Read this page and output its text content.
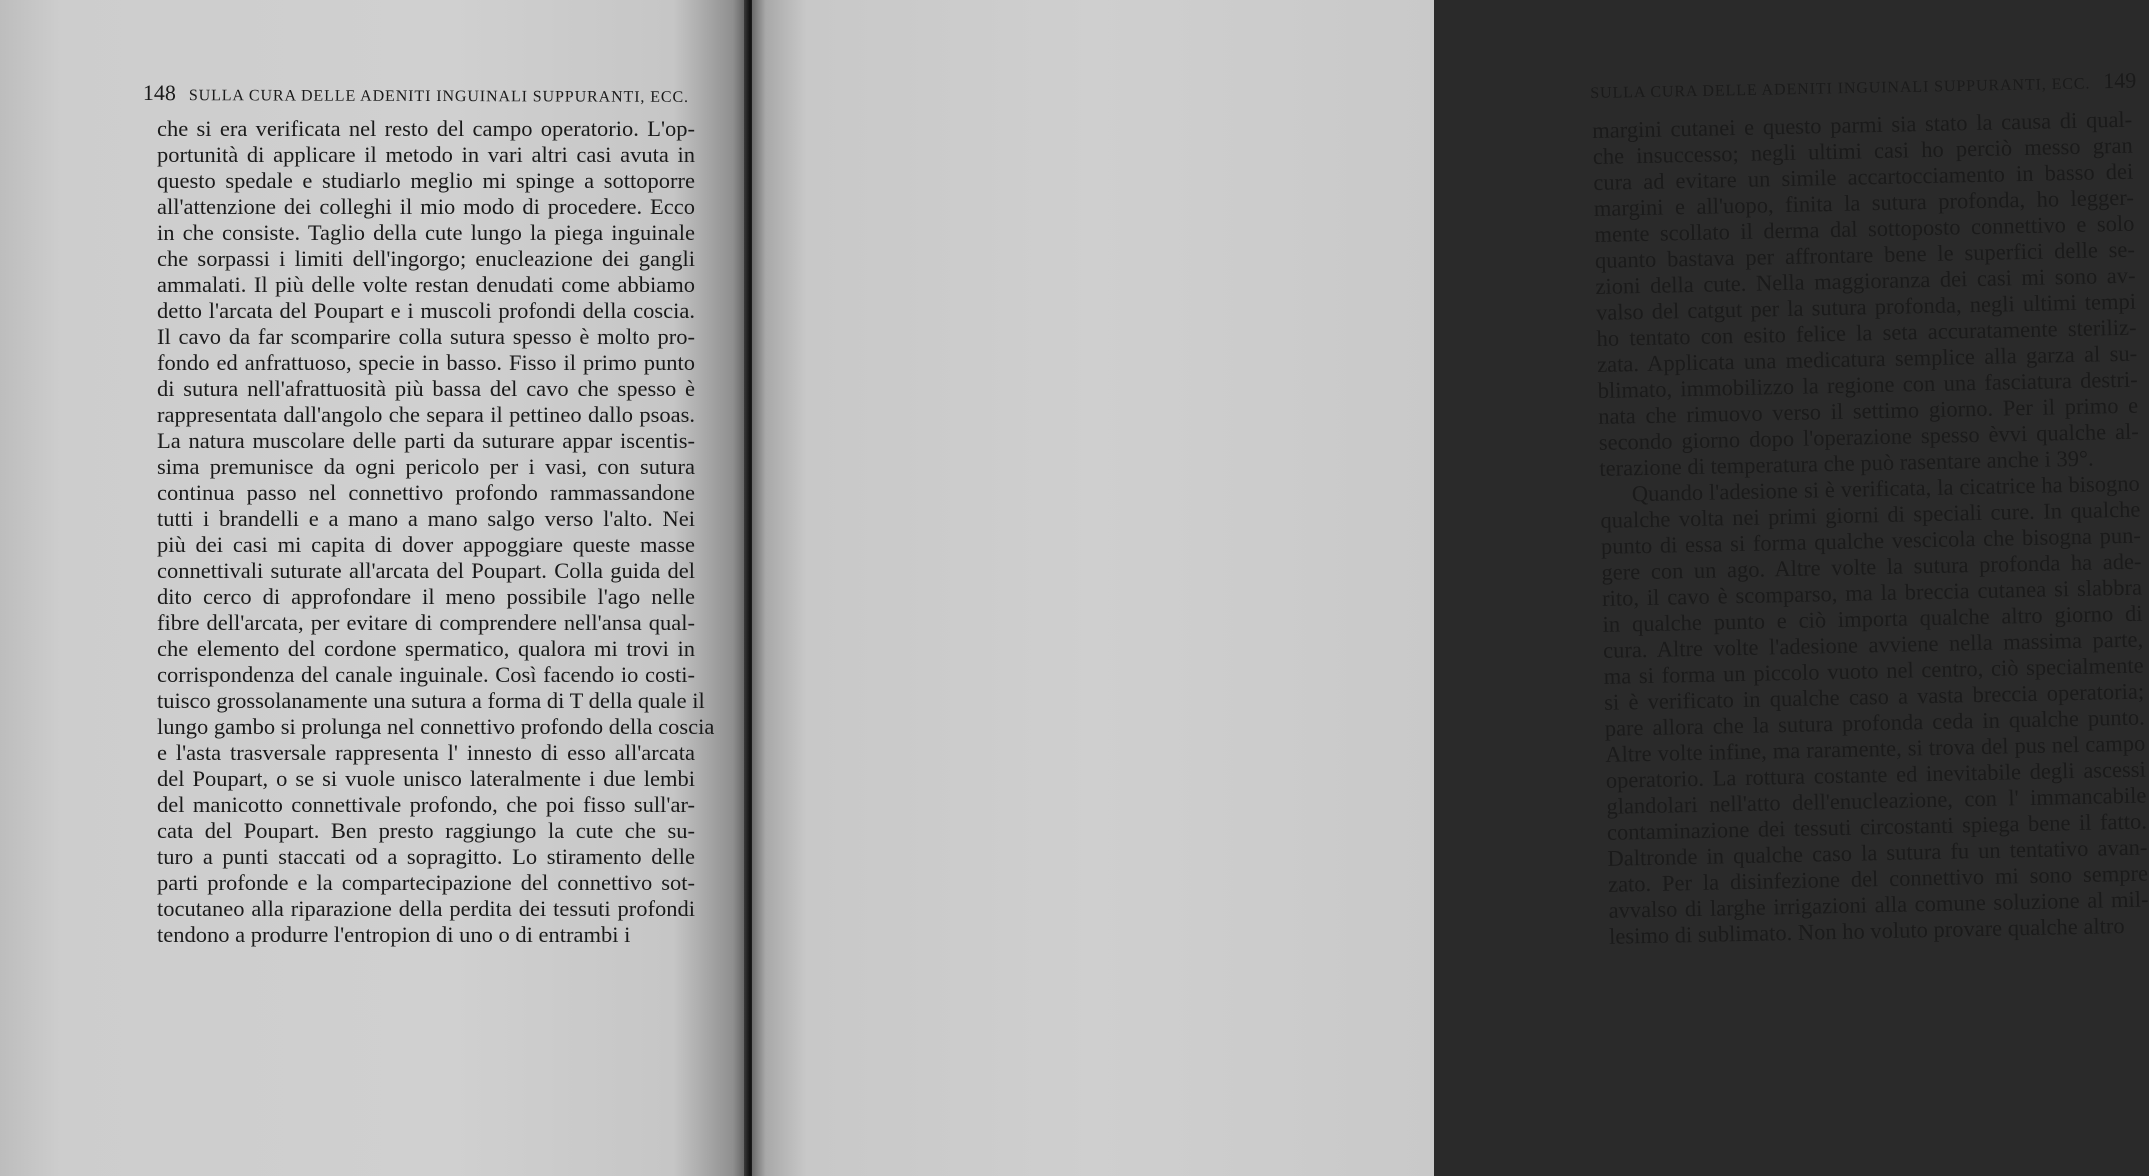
148 SULLA CURA DELLE ADENITI INGUINALI SUPPURANTI, ECC.
che si era verificata nel resto del campo operatorio. L'op-
portunità di applicare il metodo in vari altri casi avuta in
questo spedale e studiarlo meglio mi spinge a sottoporre
all'attenzione dei colleghi il mio modo di procedere. Ecco
in che consiste. Taglio della cute lungo la piega inguinale
che sorpassi i limiti dell'ingorgo; enucleazione dei gangli
ammalati. Il più delle volte restan denudati come abbiamo
detto l'arcata del Poupart e i muscoli profondi della coscia.
Il cavo da far scomparire colla sutura spesso è molto pro-
fondo ed anfrattuoso, specie in basso. Fisso il primo punto
di sutura nell'afrattuosità più bassa del cavo che spesso è
rappresentata dall'angolo che separa il pettineo dallo psoas.
La natura muscolare delle parti da suturare appar iscentis-
sima premunisce da ogni pericolo per i vasi, con sutura
continua passo nel connettivo profondo rammassandone
tutti i brandelli e a mano a mano salgo verso l'alto. Nei
più dei casi mi capita di dover appoggiare queste masse
connettivali suturate all'arcata del Poupart. Colla guida del
dito cerco di approfondare il meno possibile l'ago nelle
fibre dell'arcata, per evitare di comprendere nell'ansa qual-
che elemento del cordone spermatico, qualora mi trovi in
corrispondenza del canale inguinale. Così facendo io costi-
tuisco grossolanamente una sutura a forma di T della quale il
lungo gambo si prolunga nel connettivo profondo della coscia
e l'asta trasversale rappresenta l' innesto di esso all'arcata
del Poupart, o se si vuole unisco lateralmente i due lembi
del manicotto connettivale profondo, che poi fisso sull'ar-
cata del Poupart. Ben presto raggiungo la cute che su-
turo a punti staccati od a sopragitto. Lo stiramento delle
parti profonde e la compartecipazione del connettivo sot-
tocutaneo alla riparazione della perdita dei tessuti profondi
tendono a produrre l'entropion di uno o di entrambi i
SULLA CURA DELLE ADENITI INGUINALI SUPPURANTI, ECC. 149
margini cutanei e questo parmi sia stato la causa di qual-
che insuccesso; negli ultimi casi ho perciò messo gran
cura ad evitare un simile accartocciamento in basso dei
margini e all'uopo, finita la sutura profonda, ho legger-
mente scollato il derma dal sottoposto connettivo e solo
quanto bastava per affrontare bene le superfici delle se-
zioni della cute. Nella maggioranza dei casi mi sono av-
valso del catgut per la sutura profonda, negli ultimi tempi
ho tentato con esito felice la seta accuratamente steriliz-
zata. Applicata una medicatura semplice alla garza al su-
blimato, immobilizzo la regione con una fasciatura destri-
nata che rimuovo verso il settimo giorno. Per il primo e
secondo giorno dopo l'operazione spesso èvvi qualche al-
terazione di temperatura che può rasentare anche i 39°.
Quando l'adesione si è verificata, la cicatrice ha bisogno
qualche volta nei primi giorni di speciali cure. In qualche
punto di essa si forma qualche vescicola che bisogna pun-
gere con un ago. Altre volte la sutura profonda ha ade-
rito, il cavo è scomparso, ma la breccia cutanea si slabbra
in qualche punto e ciò importa qualche altro giorno di
cura. Altre volte l'adesione avviene nella massima parte,
ma si forma un piccolo vuoto nel centro, ciò specialmente
si è verificato in qualche caso a vasta breccia operatoria;
pare allora che la sutura profonda ceda in qualche punto.
Altre volte infine, ma raramente, si trova del pus nel campo
operatorio. La rottura costante ed inevitabile degli ascessi
glandolari nell'atto dell'enucleazione, con l' immancabile
contaminazione dei tessuti circostanti spiega bene il fatto.
Daltronde in qualche caso la sutura fu un tentativo avan-
zato. Per la disinfezione del connettivo mi sono sempre
avvalso di larghe irrigazioni alla comune soluzione al mil-
lesimo di sublimato. Non ho voluto provare qualche altro
